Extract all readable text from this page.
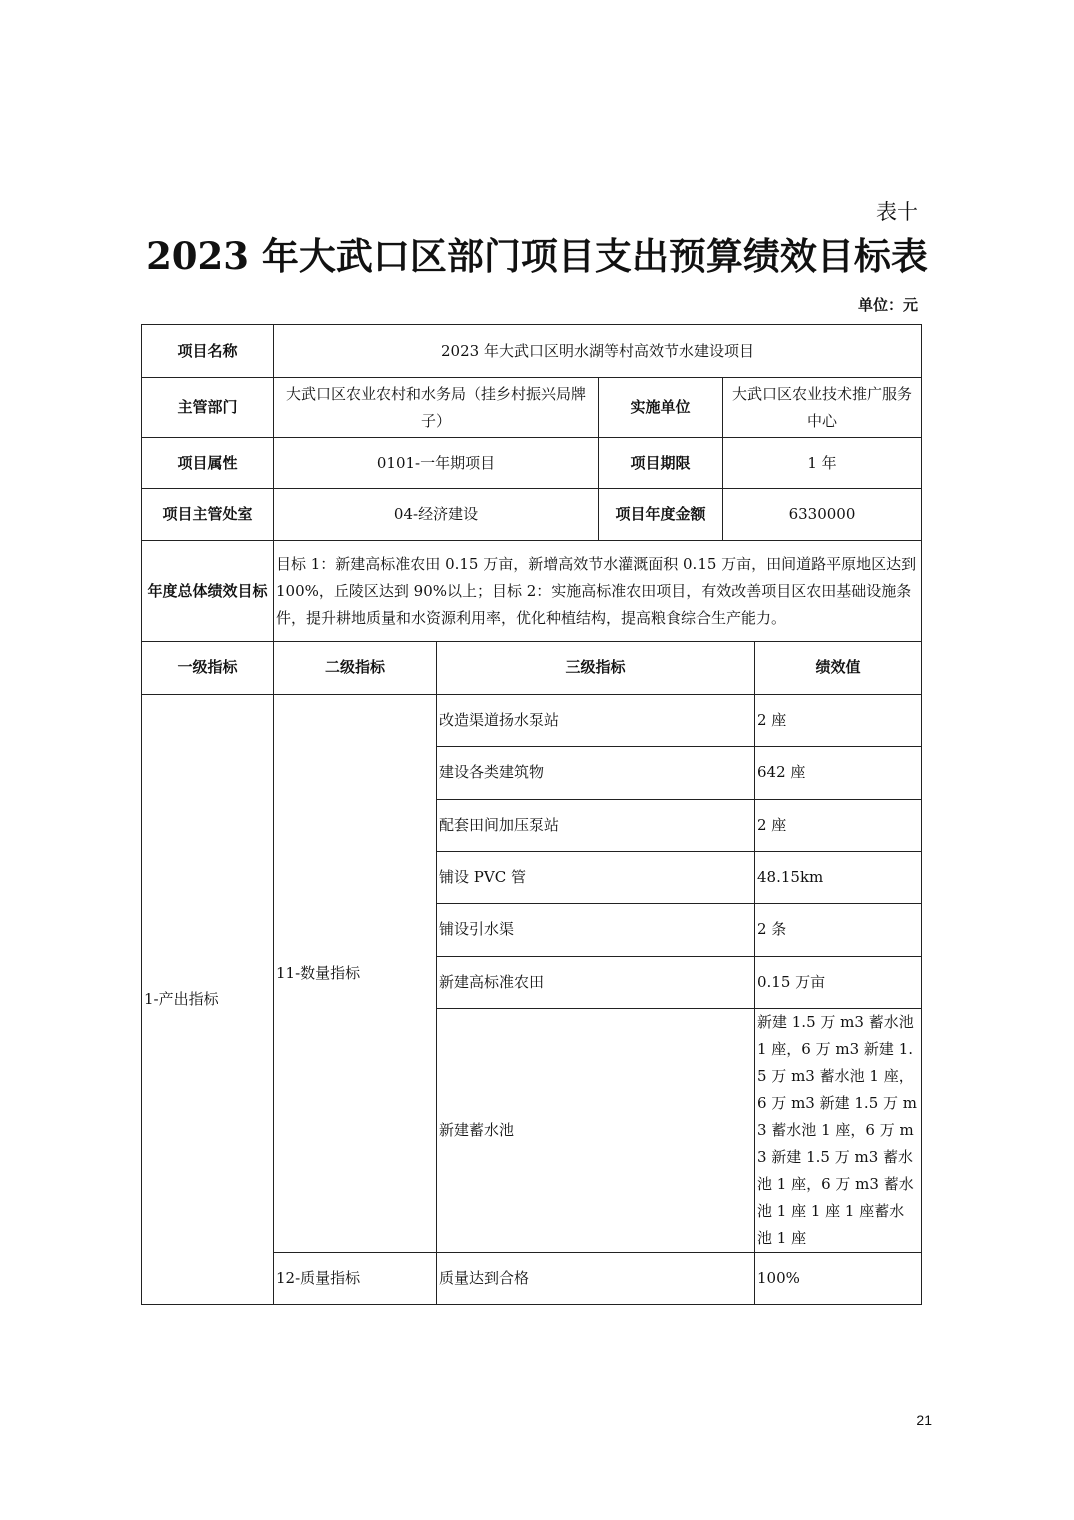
表十
2023 年大武口区部门项目支出预算绩效目标表
单位：元
项目名称	2023 年大武口区明水湖等村高效节水建设项目		
主管部门	大武口区农业农村和水务局（挂乡村振兴局牌子）	实施单位	大武口区农业技术推广服务中心
项目属性	0101-一年期项目	项目期限	1 年
项目主管处室	04-经济建设	项目年度金额	6330000
年度总体绩效目标	目标 1：新建高标准农田 0.15 万亩，新增高效节水灌溉面积 0.15 万亩，田间道路平原地区达到 100%，丘陵区达到 90%以上；目标 2：实施高标准农田项目，有效改善项目区农田基础设施条件，提升耕地质量和水资源利用率，优化种植结构，提高粮食综合生产能力。		
一级指标	二级指标	三级指标	绩效值
1-产出指标	11-数量指标	改造渠道扬水泵站	2 座
		建设各类建筑物	642 座
		配套田间加压泵站	2 座
		铺设 PVC 管	48.15km
		铺设引水渠	2 条
		新建高标准农田	0.15 万亩
		新建蓄水池	新建 1.5 万 m3 蓄水池 1 座，6 万 m3 新建 1.5 万 m3 蓄水池 1 座，6 万 m3 新建 1.5 万 m3 蓄水池 1 座，6 万 m3 新建 1.5 万 m3 蓄水池 1 座，6 万 m3 蓄水池 1 座 1 座 1 座蓄水池 1 座

	12-质量指标	质量达到合格	100%
21
